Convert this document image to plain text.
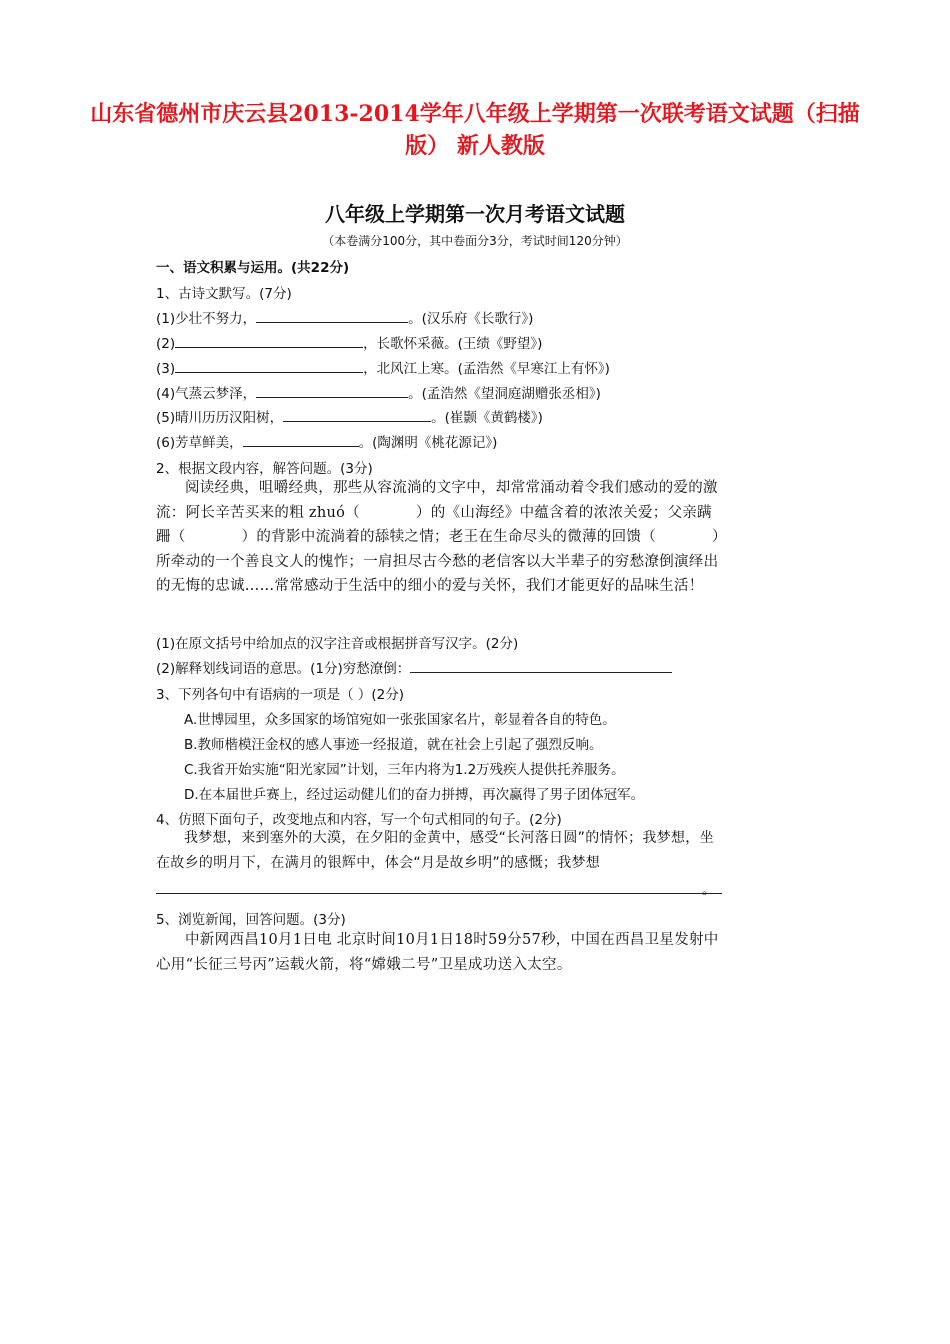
山东省德州市庆云县2013-2014学年八年级上学期第一次联考语文试题（扫描版） 新人教版
八年级上学期第一次月考语文试题
（本卷满分100分，其中卷面分3分，考试时间120分钟）
一、语文积累与运用。(共22分)
1、古诗文默写。(7分)
(1)少壮不努力，	。(汉乐府《长歌行》)
(2)	，长歌怀采薇。(王绩《野望》)
(3)	，北风江上寒。(孟浩然《早寒江上有怀》)
(4)气蒸云梦泽，	。(孟浩然《望洞庭湖赠张丞相》)
(5)晴川历历汉阳树，	。(崔颢《黄鹤楼》)
(6)芳草鲜美，	。(陶渊明《桃花源记》)
2、根据文段内容，解答问题。(3分)

阅读经典，咀嚼经典，那些从容流淌的文字中，却常常涌动着令我们感动的爱的激流：阿长辛苦买来的粗 zhuó（	）的《山海经》中蕴含着的浓浓关爱；父亲蹒跚（	）的背影中流淌着的舔犊之情；老王在生命尽头的微薄的回馈（	）所牵动的一个善良文人的愧怍；一肩担尽古今愁的老信客以大半辈子的穷愁潦倒演绎出的无悔的忠诚……常常感动于生活中的细小的爱与关怀，我们才能更好的品味生活！

(1)在原文括号中给加点的汉字注音或根据拼音写汉字。(2分)
(2)解释划线词语的意思。(1分)穷愁潦倒：
3、下列各句中有语病的一项是（ ）(2分)
A.世博园里，众多国家的场馆宛如一张张国家名片，彰显着各自的特色。
B.教师楷模汪金权的感人事迹一经报道，就在社会上引起了强烈反响。
C.我省开始实施“阳光家园”计划，三年内将为1.2万残疾人提供托养服务。
D.在本届世乒赛上，经过运动健儿们的奋力拼搏，再次赢得了男子团体冠军。
4、仿照下面句子，改变地点和内容，写一个句式相同的句子。(2分)

我梦想，来到塞外的大漠，在夕阳的金黄中，感受“长河落日圆”的情怀；我梦想，坐在故乡的明月下，在满月的银辉中，体会“月是故乡明”的感慨；我梦想

。
5、浏览新闻，回答问题。(3分)

中新网西昌10月1日电 北京时间10月1日18时59分57秒，中国在西昌卫星发射中心用“长征三号丙”运载火箭，将“嫦娥二号”卫星成功送入太空。
